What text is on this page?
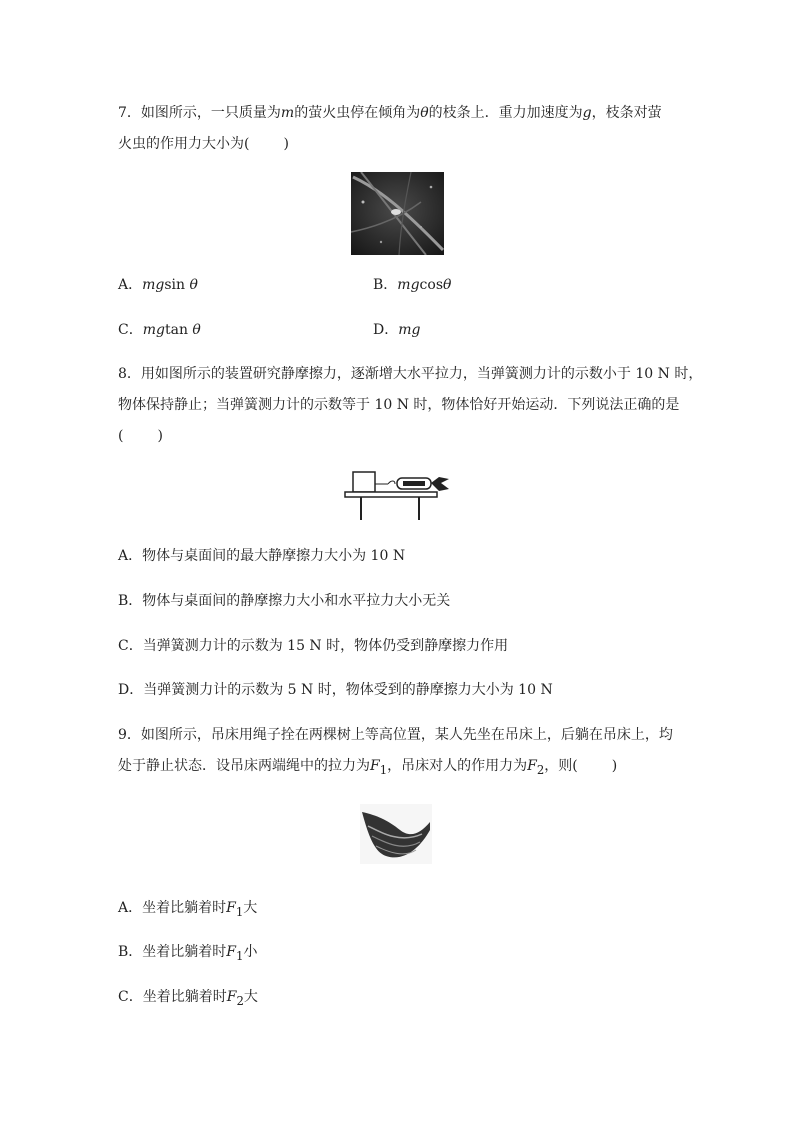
7．如图所示，一只质量为m的萤火虫停在倾角为θ的枝条上．重力加速度为g，枝条对萤
火虫的作用力大小为( )
A．mgsin θ	B．mgcosθ
C．mgtan θ	D．mg
8．用如图所示的装置研究静摩擦力，逐渐增大水平拉力，当弹簧测力计的示数小于 10 N 时，
物体保持静止；当弹簧测力计的示数等于 10 N 时，物体恰好开始运动．下列说法正确的是
( )
A．物体与桌面间的最大静摩擦力大小为 10 N
B．物体与桌面间的静摩擦力大小和水平拉力大小无关
C．当弹簧测力计的示数为 15 N 时，物体仍受到静摩擦力作用
D．当弹簧测力计的示数为 5 N 时，物体受到的静摩擦力大小为 10 N
9．如图所示，吊床用绳子拴在两棵树上等高位置，某人先坐在吊床上，后躺在吊床上，均
处于静止状态．设吊床两端绳中的拉力为$F_1$，吊床对人的作用力为$F_2$，则( )
A．坐着比躺着时$F_1$大
B．坐着比躺着时$F_1$小
C．坐着比躺着时$F_2$大
